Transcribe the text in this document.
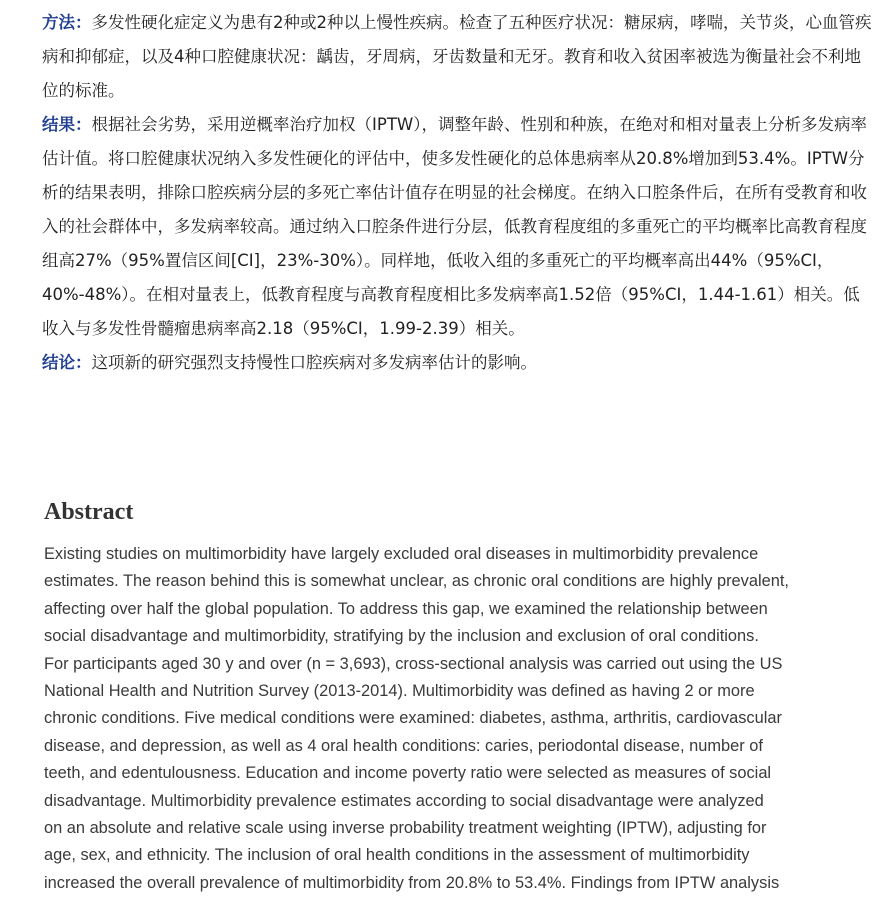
方法：多发性硬化症定义为患有2种或2种以上慢性疾病。检查了五种医疗状况：糖尿病，哮喘，关节炎，心血管疾病和抑郁症，以及4种口腔健康状况：龋齿，牙周病，牙齿数量和无牙。教育和收入贫困率被选为衡量社会不利地位的标准。

结果：根据社会劣势，采用逆概率治疗加权（IPTW），调整年龄、性别和种族，在绝对和相对量表上分析多发病率估计值。将口腔健康状况纳入多发性硬化的评估中，使多发性硬化的总体患病率从20.8%增加到53.4%。IPTW分析的结果表明，排除口腔疾病分层的多死亡率估计值存在明显的社会梯度。在纳入口腔条件后，在所有受教育和收入的社会群体中，多发病率较高。通过纳入口腔条件进行分层，低教育程度组的多重死亡的平均概率比高教育程度组高27%（95%置信区间[CI]，23%-30%）。同样地，低收入组的多重死亡的平均概率高出44%（95%CI，40%-48%）。在相对量表上，低教育程度与高教育程度相比多发病率高1.52倍（95%CI，1.44-1.61）相关。低收入与多发性骨髓瘤患病率高2.18（95%CI，1.99-2.39）相关。

结论：这项新的研究强烈支持慢性口腔疾病对多发病率估计的影响。

Abstract
Existing studies on multimorbidity have largely excluded oral diseases in multimorbidity prevalence
estimates. The reason behind this is somewhat unclear, as chronic oral conditions are highly prevalent,
affecting over half the global population. To address this gap, we examined the relationship between
social disadvantage and multimorbidity, stratifying by the inclusion and exclusion of oral conditions.
For participants aged 30 y and over (n = 3,693), cross-sectional analysis was carried out using the US
National Health and Nutrition Survey (2013-2014). Multimorbidity was defined as having 2 or more
chronic conditions. Five medical conditions were examined: diabetes, asthma, arthritis, cardiovascular
disease, and depression, as well as 4 oral health conditions: caries, periodontal disease, number of
teeth, and edentulousness. Education and income poverty ratio were selected as measures of social
disadvantage. Multimorbidity prevalence estimates according to social disadvantage were analyzed
on an absolute and relative scale using inverse probability treatment weighting (IPTW), adjusting for
age, sex, and ethnicity. The inclusion of oral health conditions in the assessment of multimorbidity
increased the overall prevalence of multimorbidity from 20.8% to 53.4%. Findings from IPTW analysis
